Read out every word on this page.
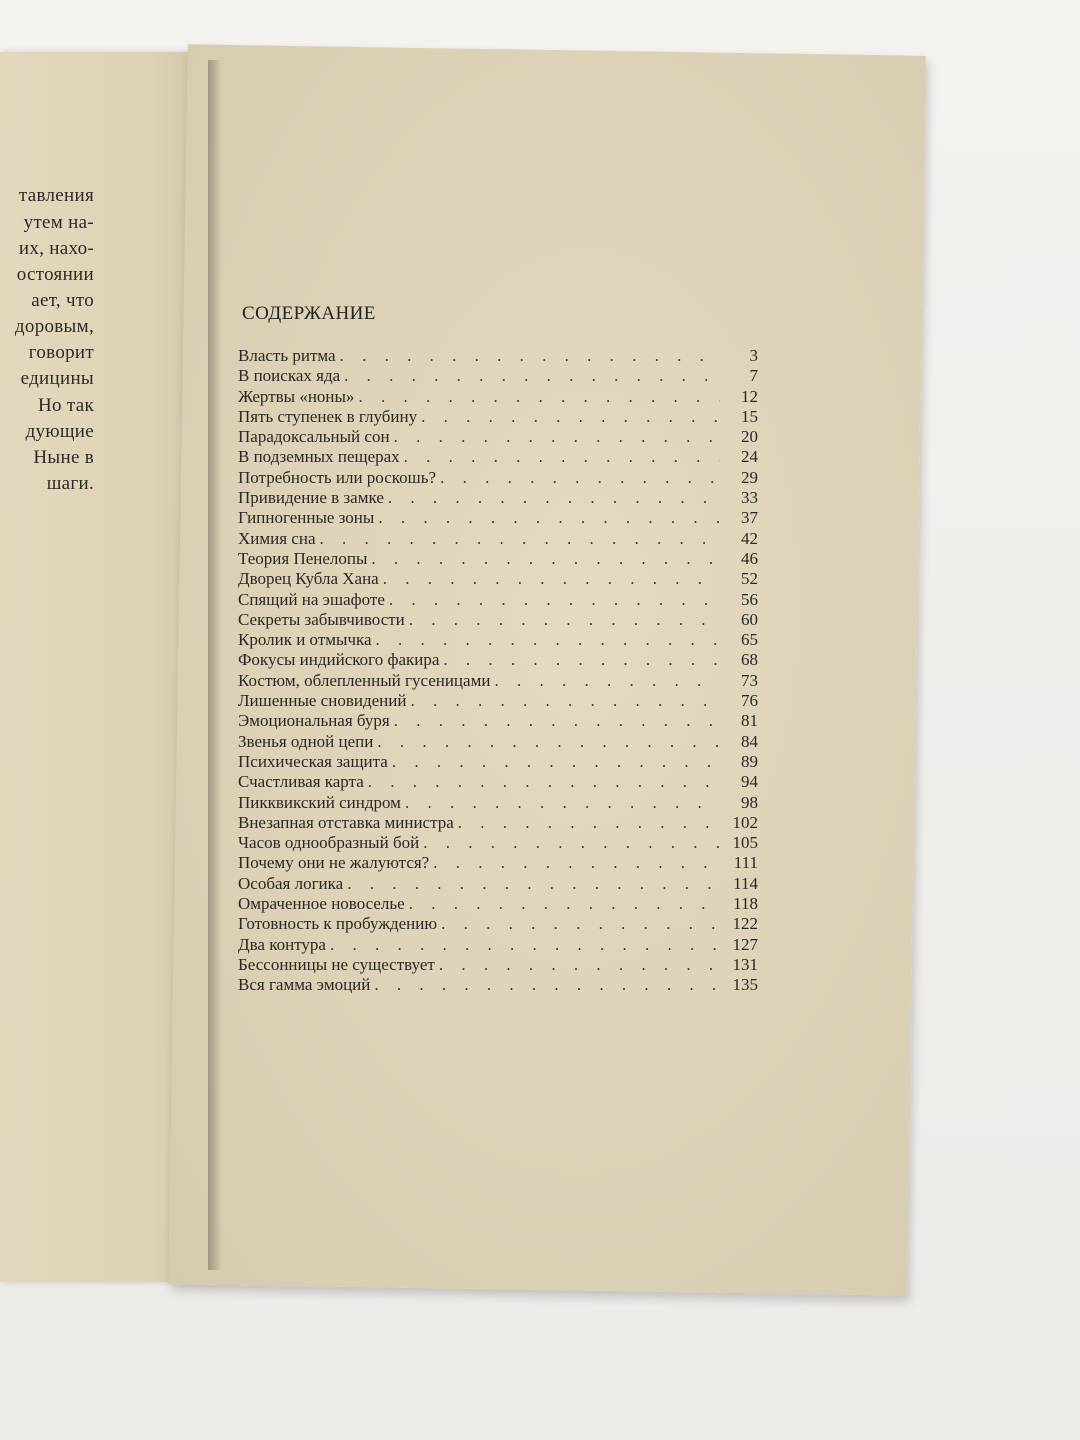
тавления
утем на-
их, нахо-
остоянии
ает, что
доровым,
говорит
едицины
Но так
дующие
Ныне в
шаги.
СОДЕРЖАНИЕ
Власть ритма . . .	3
В поисках яда . . .	7
Жертвы «ноны» . . .	12
Пять ступенек в глубину . . .	15
Парадоксальный сон . . .	20
В подземных пещерах . . .	24
Потребность или роскошь? . . .	29
Привидение в замке . . .	33
Гипногенные зоны . . .	37
Химия сна . . .	42
Теория Пенелопы . . .	46
Дворец Кубла Хана . . .	52
Спящий на эшафоте . . .	56
Секреты забывчивости . . .	60
Кролик и отмычка . . .	65
Фокусы индийского факира . . .	68
Костюм, облепленный гусеницами . . .	73
Лишенные сновидений . . .	76
Эмоциональная буря . . .	81
Звенья одной цепи . . .	84
Психическая защита . . .	89
Счастливая карта . . .	94
Пикквикский синдром . . .	98
Внезапная отставка министра . . .	102
Часов однообразный бой . . .	105
Почему они не жалуются? . . .	111
Особая логика . . .	114
Омраченное новоселье . . .	118
Готовность к пробуждению . . .	122
Два контура . . .	127
Бессонницы не существует . . .	131
Вся гамма эмоций . . .	135
